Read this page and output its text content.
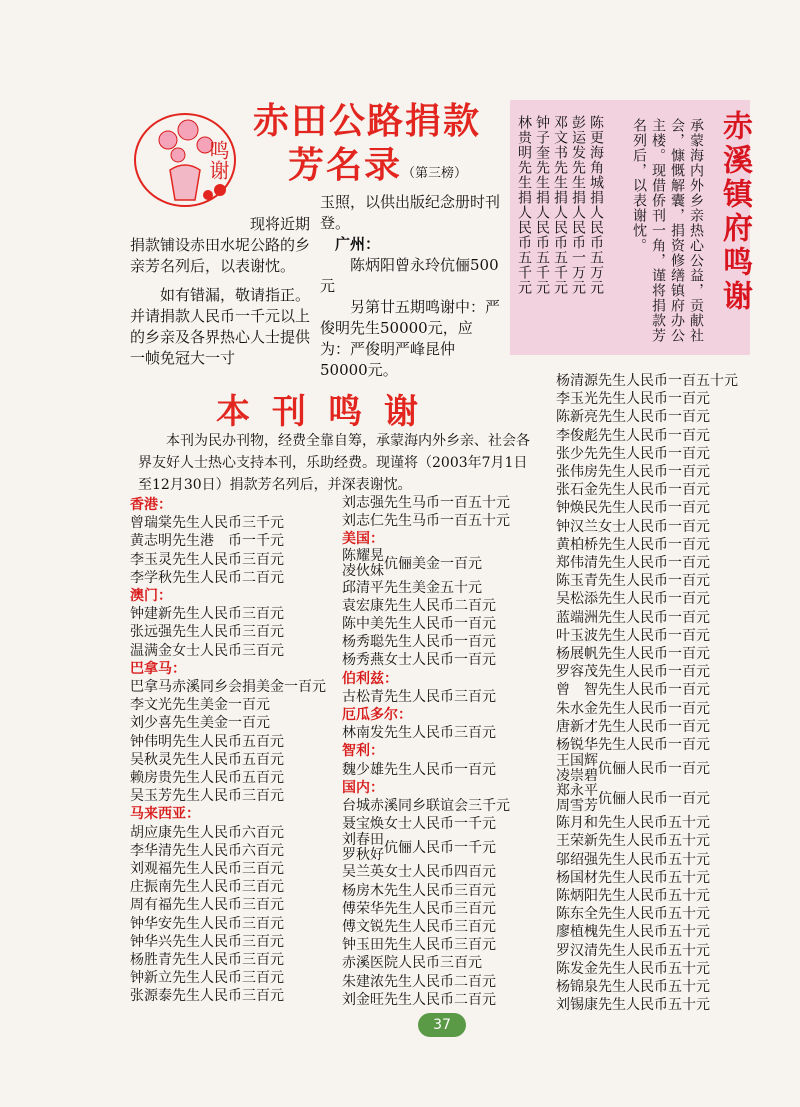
鸣谢
赤田公路捐款
芳名录（第三榜）

现将近期捐款铺设赤田水坭公路的乡亲芳名列后，以表谢忱。

如有错漏，敬请指正。并请捐款人民币一千元以上的乡亲及各界热心人士提供一帧免冠大一寸

玉照，以供出版纪念册时刊登。

广州：

陈炳阳曾永玲伉俪500元

另第廿五期鸣谢中：严俊明先生50000元，应为：严俊明严峰昆仲50000元。

赤溪镇府鸣谢
承蒙海内外乡亲热心公益，贡献社会，慷慨解囊，捐资修缮镇府办公主楼。现借侨刊一角，谨将捐款芳名列后，以表谢忱。
陈更海角城捐人民币五万元
彭运发先生捐人民币一万元
邓文书先生捐人民币五千元
钟子奎先生捐人民币五千元
林贵明先生捐人民币五千元
本刊鸣谢
本刊为民办刊物，经费全靠自筹，承蒙海内外乡亲、社会各界友好人士热心支持本刊，乐助经费。现谨将（2003年7月1日至12月30日）捐款芳名列后，并深表谢忱。
香港：
曾瑞棠先生人民币三千元
黄志明先生港　币一千元
李玉灵先生人民币三百元
李学秋先生人民币二百元
澳门：
钟建新先生人民币三百元
张远强先生人民币三百元
温满金女士人民币三百元
巴拿马：
巴拿马赤溪同乡会捐美金一百元
李文光先生美金一百元
刘少喜先生美金一百元
钟伟明先生人民币五百元
吴秋灵先生人民币五百元
赖房贵先生人民币五百元
吴玉芳先生人民币三百元
马来西亚：
胡应康先生人民币六百元
李华清先生人民币六百元
刘观福先生人民币三百元
庄振南先生人民币三百元
周有福先生人民币三百元
钟华安先生人民币三百元
钟华兴先生人民币三百元
杨胜青先生人民币三百元
钟新立先生人民币三百元
张源泰先生人民币三百元
刘志强先生马币一百五十元
刘志仁先生马币一百五十元
美国：
陈耀晃
凌伙妹 伉俪美金一百元
邱清平先生美金五十元
袁宏康先生人民币二百元
陈中美先生人民币一百元
杨秀聪先生人民币一百元
杨秀燕女士人民币一百元
伯利兹：
古松青先生人民币三百元
厄瓜多尔：
林南发先生人民币三百元
智利：
魏少雄先生人民币一百元
国内：
台城赤溪同乡联谊会三千元
聂宝焕女士人民币一千元
刘春田
罗秋好 伉俪人民币一千元
吴兰英女士人民币四百元
杨房木先生人民币三百元
傅荣华先生人民币三百元
傅文锐先生人民币三百元
钟玉田先生人民币三百元
赤溪医院人民币三百元
朱建浓先生人民币二百元
刘金旺先生人民币二百元
杨清源先生人民币一百五十元
李玉光先生人民币一百元
陈新亮先生人民币一百元
李俊彪先生人民币一百元
张少先先生人民币一百元
张伟房先生人民币一百元
张石金先生人民币一百元
钟焕民先生人民币一百元
钟汉兰女士人民币一百元
黄柏桥先生人民币一百元
郑伟清先生人民币一百元
陈玉青先生人民币一百元
吴松添先生人民币一百元
蓝端洲先生人民币一百元
叶玉波先生人民币一百元
杨展帆先生人民币一百元
罗容茂先生人民币一百元
曾　智先生人民币一百元
朱水金先生人民币一百元
唐新才先生人民币一百元
杨锐华先生人民币一百元
王国辉
凌崇碧 伉俪人民币一百元
郑永平
周雪芳 伉俪人民币一百元
陈月和先生人民币五十元
王荣新先生人民币五十元
邬绍强先生人民币五十元
杨国材先生人民币五十元
陈炳阳先生人民币五十元
陈东全先生人民币五十元
廖植槐先生人民币五十元
罗汉清先生人民币五十元
陈发金先生人民币五十元
杨锦泉先生人民币五十元
刘锡康先生人民币五十元
37
